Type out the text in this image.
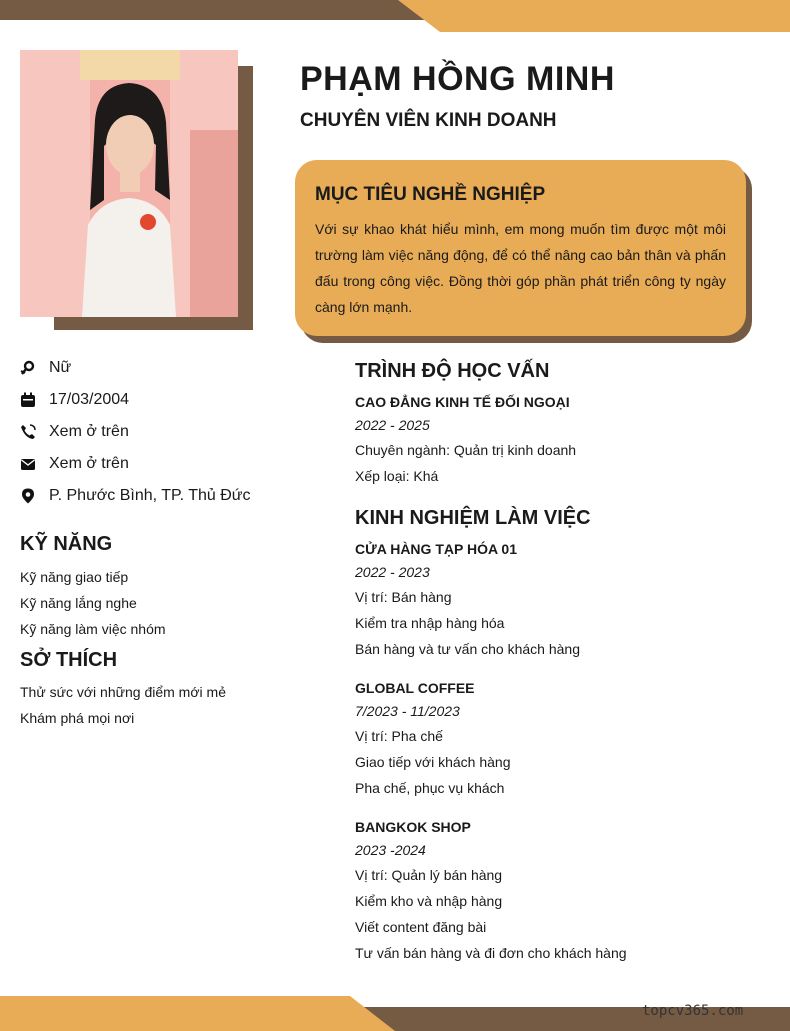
PHẠM HỒNG MINH
CHUYÊN VIÊN KINH DOANH
MỤC TIÊU NGHỀ NGHIỆP

Với sự khao khát hiểu mình, em mong muốn tìm được một môi trường làm việc năng động, để có thể nâng cao bản thân và phấn đấu trong công việc. Đồng thời góp phần phát triển công ty ngày càng lớn mạnh.

Nữ
17/03/2004
Xem ở trên
Xem ở trên
P. Phước Bình, TP. Thủ Đức
KỸ NĂNG
Kỹ năng giao tiếp
Kỹ năng lắng nghe
Kỹ năng làm việc nhóm
SỞ THÍCH
Thử sức với những điểm mới mẻ
Khám phá mọi nơi
TRÌNH ĐỘ HỌC VẤN
CAO ĐẲNG KINH TẾ ĐỐI NGOẠI
2022 - 2025
Chuyên ngành: Quản trị kinh doanh
Xếp loại: Khá
KINH NGHIỆM LÀM VIỆC
CỬA HÀNG TẠP HÓA 01
2022 - 2023
Vị trí: Bán hàng
Kiểm tra nhập hàng hóa
Bán hàng và tư vấn cho khách hàng
GLOBAL COFFEE
7/2023 - 11/2023
Vị trí: Pha chế
Giao tiếp với khách hàng
Pha chế, phục vụ khách
BANGKOK SHOP
2023 -2024
Vị trí: Quản lý bán hàng
Kiểm kho và nhập hàng
Viết content đăng bài
Tư vấn bán hàng và đi đơn cho khách hàng
topcv365.com
